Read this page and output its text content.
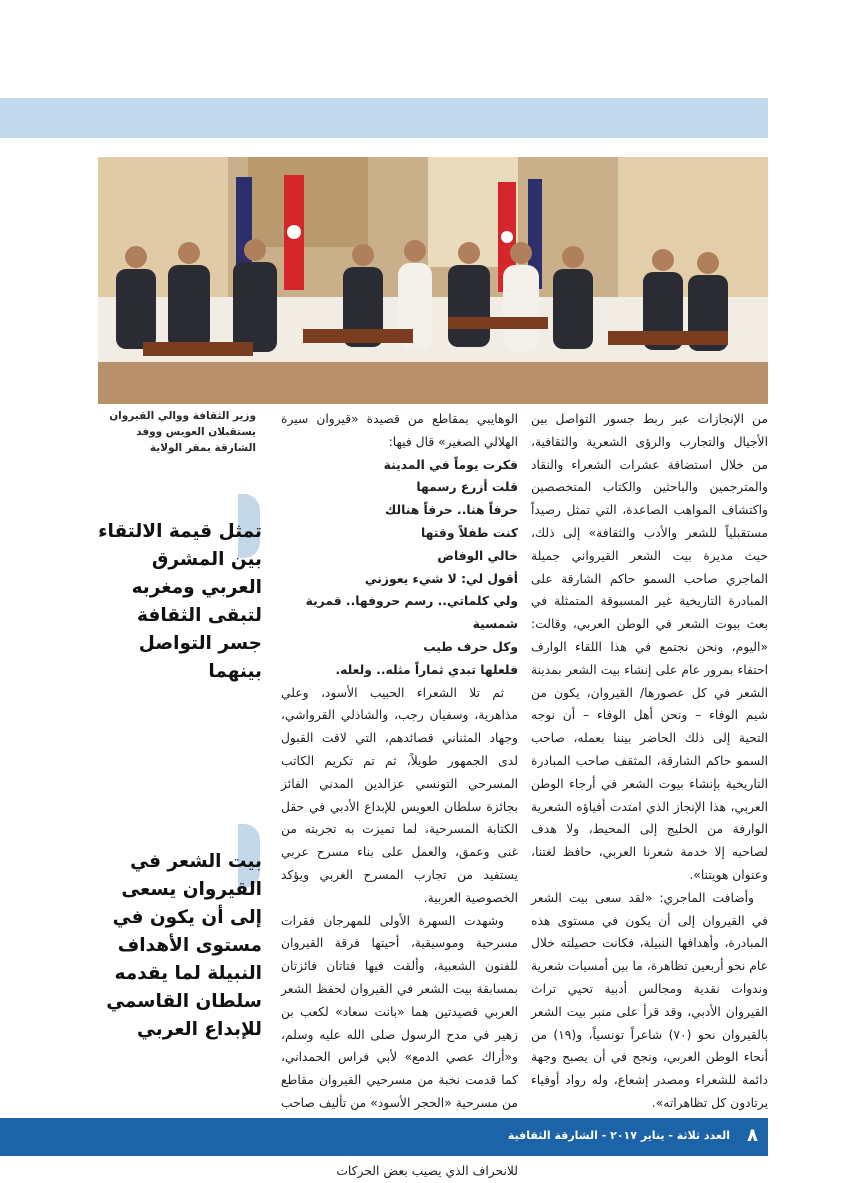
وزير الثقافة ووالي القيروان يستقبلان العويس ووفد الشارقة بمقر الولاية
تمثل قيمة الالتقاء بين المشرق العربي ومغربه لتبقى الثقافة جسر التواصل بينهما
بيت الشعر في القيروان يسعى إلى أن يكون في مستوى الأهداف النبيلة لما يقدمه سلطان القاسمي للإبداع العربي

من الإنجازات عبر ربط جسور التواصل بين الأجيال والتجارب والرؤى الشعرية والثقافية، من خلال استضافة عشرات الشعراء والنقاد والمترجمين والباحثين والكتاب المتخصصين واكتشاف المواهب الصاعدة، التي تمثل رصيداً مستقبلياً للشعر والأدب والثقافة» إلى ذلك، حيث مديرة بيت الشعر القيرواني جميلة الماجري صاحب السمو حاكم الشارقة على المبادرة التاريخية غير المسبوقة المتمثلة في بعث بيوت الشعر في الوطن العربي، وقالت: «اليوم، ونحن نجتمع في هذا اللقاء الوارف احتفاء بمرور عام على إنشاء بيت الشعر بمدينة الشعر في كل عصورها/ القيروان، يكون من شيم الوفاء – ونحن أهل الوفاء – أن نوجه التحية إلى ذلك الحاضر بيننا بعمله، صاحب السمو حاكم الشارقة، المثقف صاحب المبادرة التاريخية بإنشاء بيوت الشعر في أرجاء الوطن العربي، هذا الإنجاز الذي امتدت أفياؤه الشعرية الوارفة من الخليج إلى المحيط، ولا هدف لصاحبه إلا خدمة شعرنا العربي، حافظ لغتنا، وعنوان هويتنا».

وأضافت الماجري: «لقد سعى بيت الشعر في القيروان إلى أن يكون في مستوى هذه المبادرة، وأهدافها النبيلة، فكانت حصيلته خلال عام نحو أربعين تظاهرة، ما بين أمسيات شعرية وندوات نقدية ومجالس أدبية تحيي تراث القيروان الأدبي، وقد قرأ على منبر بيت الشعر بالقيروان نحو (٧٠) شاعراً تونسياً، و(١٩) من أنحاء الوطن العربي، ونجح في أن يصبح وجهة دائمة للشعراء ومصدر إشعاع، وله رواد أوفياء يرتادون كل تظاهراته».

الوهايبي بمقاطع من قصيدة «قيروان سيرة الهلالي الصغير» قال فيها:

فكرت يوماً في المدينة

قلت أزرع رسمها

حرفاً هنا.. حرفاً هنالك

كنت طفلاً وقتها

خالي الوفاض

أقول لي: لا شيء يعوزني

ولي كلماتي.. رسم حروفها.. قمرية شمسية

وكل حرف طيب

فلعلها تبدي ثماراً مثله.. ولعله.

ثم تلا الشعراء الحبيب الأسود، وعلي مذاهرية، وسفيان رجب، والشاذلي القرواشي، وجهاد المثناني قصائدهم، التي لاقت القبول لدى الجمهور طويلاً، ثم تم تكريم الكاتب المسرحي التونسي عزالدين المدني الفائز بجائزة سلطان العويس للإبداع الأدبي في حقل الكتابة المسرحية، لما تميزت به تجربته من غنى وعمق، والعمل على بناء مسرح عربي يستفيد من تجارب المسرح الغربي ويؤكد الخصوصية العربية.

وشهدت السهرة الأولى للمهرجان فقرات مسرحية وموسيقية، أحيتها فرقة القيروان للفنون الشعبية، وألقت فيها فتاتان فائزتان بمسابقة بيت الشعر في القيروان لحفظ الشعر العربي قصيدتين هما «بانت سعاد» لكعب بن زهير في مدح الرسول صلى الله عليه وسلم، و«أراك عصي الدمع» لأبي فراس الحمداني، كما قدمت نخبة من مسرحيي القيروان مقاطع من مسرحية «الحجر الأسود» من تأليف صاحب للانحراف الذي يصيب بعض الحركات

٨
العدد ثلاثة - يناير ٢٠١٧ - الشارقة الثقافية
